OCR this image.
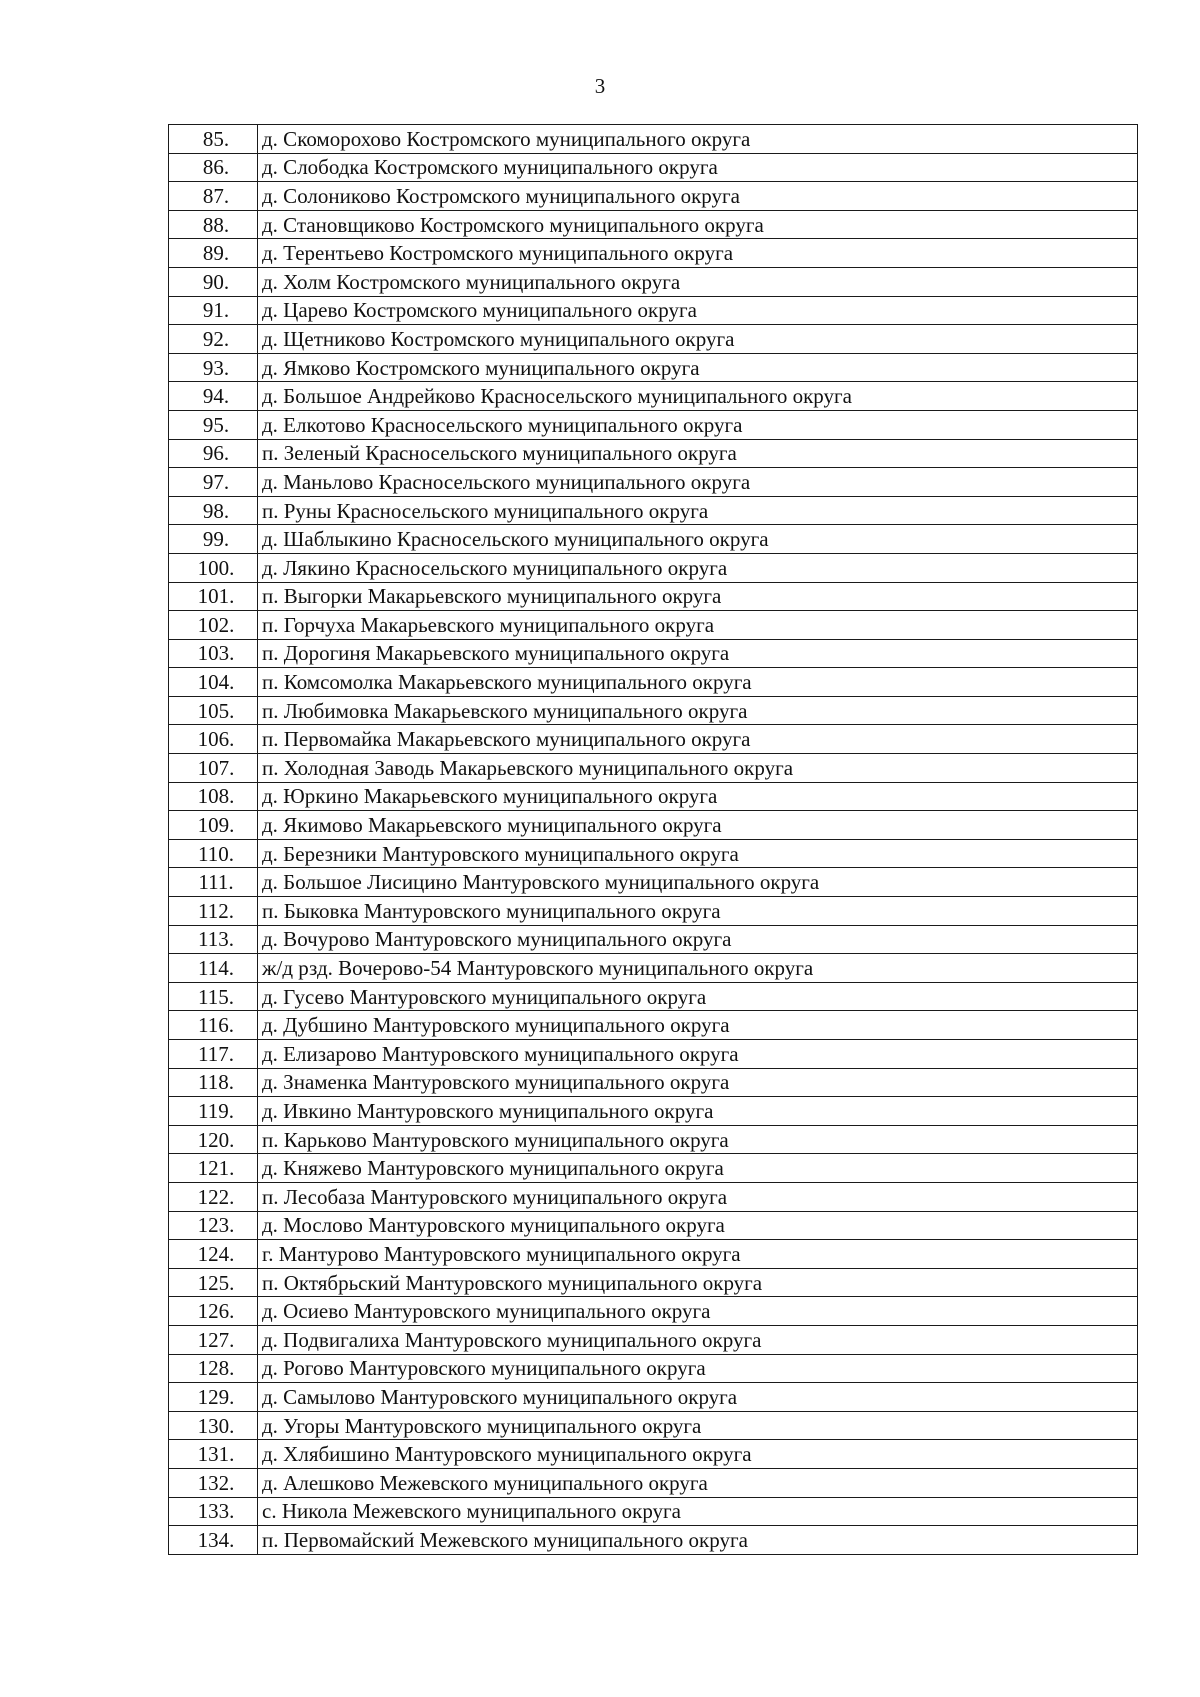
3
85.	д. Скоморохово Костромского муниципального округа
86.	д. Слободка Костромского муниципального округа
87.	д. Солониково Костромского муниципального округа
88.	д. Становщиково Костромского муниципального округа
89.	д. Терентьево Костромского муниципального округа
90.	д. Холм Костромского муниципального округа
91.	д. Царево Костромского муниципального округа
92.	д. Щетниково Костромского муниципального округа
93.	д. Ямково Костромского муниципального округа
94.	д. Большое Андрейково Красносельского муниципального округа
95.	д. Елкотово Красносельского муниципального округа
96.	п. Зеленый Красносельского муниципального округа
97.	д. Маньлово Красносельского муниципального округа
98.	п. Руны Красносельского муниципального округа
99.	д. Шаблыкино Красносельского муниципального округа
100.	д. Лякино Красносельского муниципального округа
101.	п. Выгорки Макарьевского муниципального округа
102.	п. Горчуха Макарьевского муниципального округа
103.	п. Дорогиня Макарьевского муниципального округа
104.	п. Комсомолка Макарьевского муниципального округа
105.	п. Любимовка Макарьевского муниципального округа
106.	п. Первомайка Макарьевского муниципального округа
107.	п. Холодная Заводь Макарьевского муниципального округа
108.	д. Юркино Макарьевского муниципального округа
109.	д. Якимово Макарьевского муниципального округа
110.	д. Березники Мантуровского муниципального округа
111.	д. Большое Лисицино Мантуровского муниципального округа
112.	п. Быковка Мантуровского муниципального округа
113.	д. Вочурово Мантуровского муниципального округа
114.	ж/д рзд. Вочерово-54 Мантуровского муниципального округа
115.	д. Гусево Мантуровского муниципального округа
116.	д. Дубшино Мантуровского муниципального округа
117.	д. Елизарово Мантуровского муниципального округа
118.	д. Знаменка Мантуровского муниципального округа
119.	д. Ивкино Мантуровского муниципального округа
120.	п. Карьково Мантуровского муниципального округа
121.	д. Княжево Мантуровского муниципального округа
122.	п. Лесобаза Мантуровского муниципального округа
123.	д. Мослово Мантуровского муниципального округа
124.	г. Мантурово Мантуровского муниципального округа
125.	п. Октябрьский Мантуровского муниципального округа
126.	д. Осиево Мантуровского муниципального округа
127.	д. Подвигалиха Мантуровского муниципального округа
128.	д. Рогово Мантуровского муниципального округа
129.	д. Самылово Мантуровского муниципального округа
130.	д. Угоры Мантуровского муниципального округа
131.	д. Хлябишино Мантуровского муниципального округа
132.	д. Алешково Межевского муниципального округа
133.	с. Никола Межевского муниципального округа
134.	п. Первомайский Межевского муниципального округа
